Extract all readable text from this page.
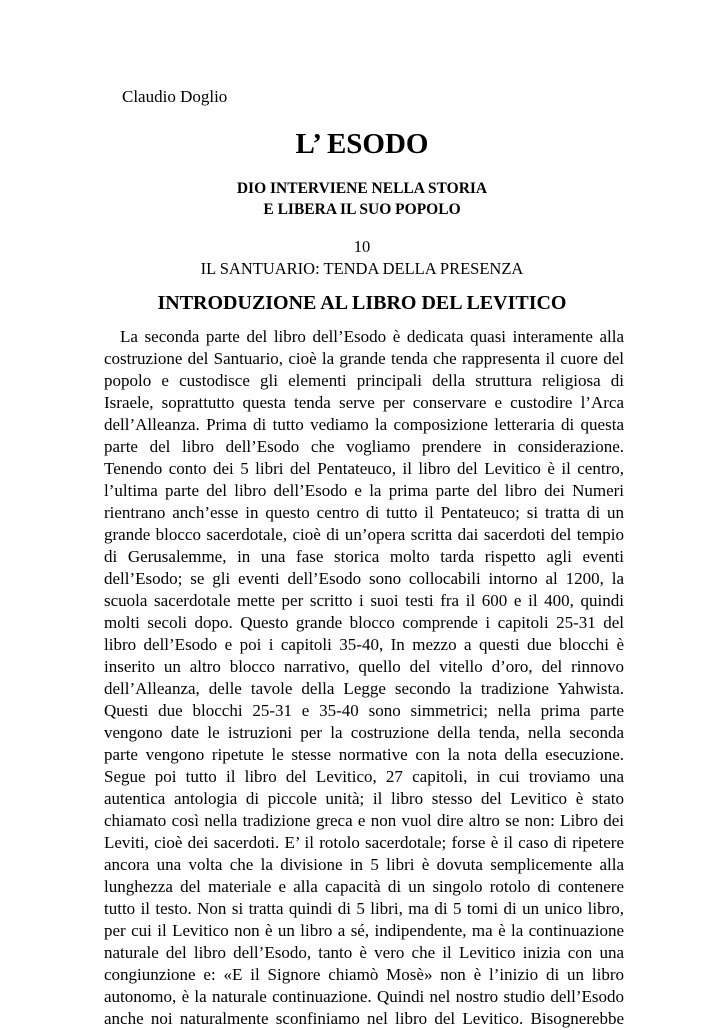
Claudio Doglio
L’ ESODO
DIO INTERVIENE NELLA STORIA
E LIBERA IL SUO POPOLO
10
IL SANTUARIO: TENDA DELLA PRESENZA
INTRODUZIONE AL LIBRO DEL LEVITICO
La seconda parte del libro dell’Esodo è dedicata quasi interamente alla
costruzione del Santuario, cioè la grande tenda che rappresenta il cuore del
popolo e custodisce gli elementi principali della struttura religiosa di
Israele, soprattutto questa tenda serve per conservare e custodire l’Arca
dell’Alleanza. Prima di tutto vediamo la composizione letteraria di questa
parte del libro dell’Esodo che vogliamo prendere in considerazione.
Tenendo conto dei 5 libri del Pentateuco, il libro del Levitico è il centro,
l’ultima parte del libro dell’Esodo e la prima parte del libro dei Numeri
rientrano anch’esse in questo centro di tutto il Pentateuco; si tratta di un
grande blocco sacerdotale, cioè di un’opera scritta dai sacerdoti del tempio
di Gerusalemme, in una fase storica molto tarda rispetto agli eventi
dell’Esodo; se gli eventi dell’Esodo sono collocabili intorno al 1200, la
scuola sacerdotale mette per scritto i suoi testi fra il 600 e il 400, quindi
molti secoli dopo. Questo grande blocco comprende i capitoli 25-31 del
libro dell’Esodo e poi i capitoli 35-40, In mezzo a questi due blocchi è
inserito un altro blocco narrativo, quello del vitello d’oro, del rinnovo
dell’Alleanza, delle tavole della Legge secondo la tradizione Yahwista.
Questi due blocchi 25-31 e 35-40 sono simmetrici; nella prima parte
vengono date le istruzioni per la costruzione della tenda, nella seconda
parte vengono ripetute le stesse normative con la nota della esecuzione.
Segue poi tutto il libro del Levitico, 27 capitoli, in cui troviamo una
autentica antologia di piccole unità; il libro stesso del Levitico è stato
chiamato così nella tradizione greca e non vuol dire altro se non: Libro dei
Leviti, cioè dei sacerdoti. E’ il rotolo sacerdotale; forse è il caso di ripetere
ancora una volta che la divisione in 5 libri è dovuta semplicemente alla
lunghezza del materiale e alla capacità di un singolo rotolo di contenere
tutto il testo. Non si tratta quindi di 5 libri, ma di 5 tomi di un unico libro,
per cui il Levitico non è un libro a sé, indipendente, ma è la continuazione
naturale del libro dell’Esodo, tanto è vero che il Levitico inizia con una
congiunzione e: «E il Signore chiamò Mosè» non è l’inizio di un libro
autonomo, è la naturale continuazione. Quindi nel nostro studio dell’Esodo
anche noi naturalmente sconfiniamo nel libro del Levitico. Bisognerebbe
